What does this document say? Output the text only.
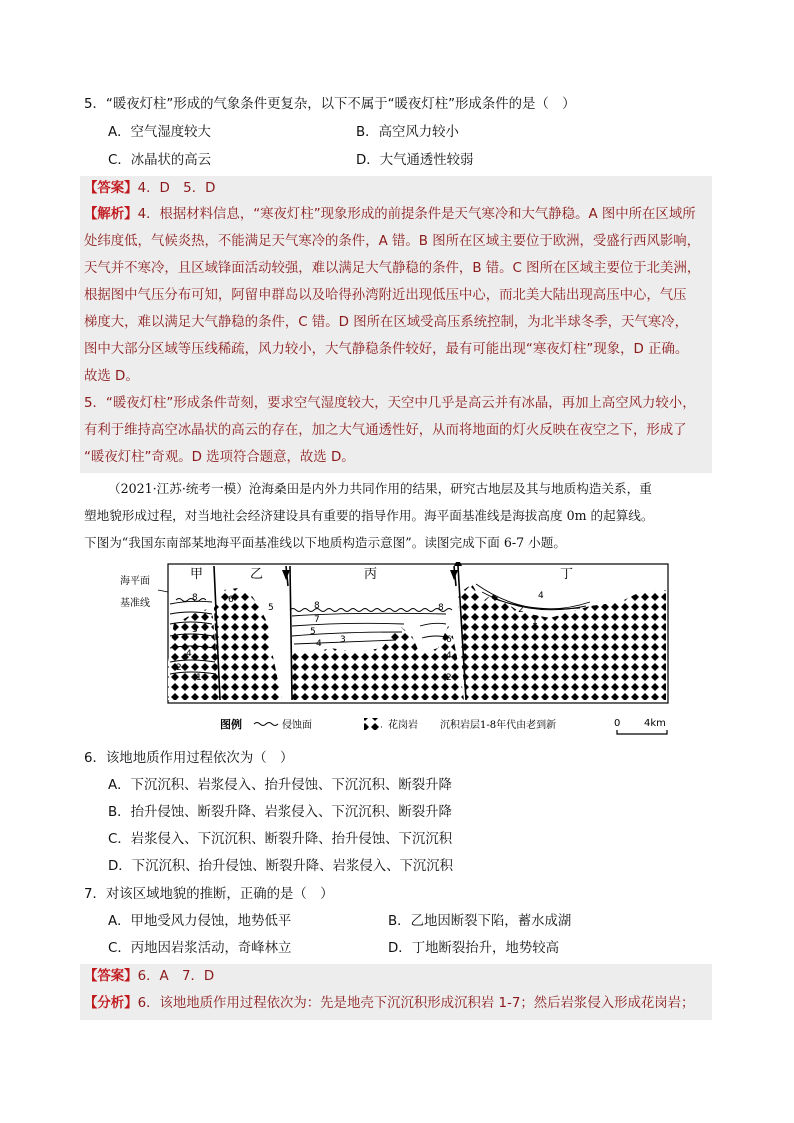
5．“暖夜灯柱”形成的气象条件更复杂，以下不属于“暖夜灯柱”形成条件的是（　）
A．空气湿度较大	B．高空风力较小
C．冰晶状的高云	D．大气通透性较弱
【答案】4．D　5．D
【解析】4．根据材料信息，“寒夜灯柱”现象形成的前提条件是天气寒冷和大气静稳。A 图中所在区域所
处纬度低，气候炎热，不能满足天气寒冷的条件，A 错。B 图所在区域主要位于欧洲，受盛行西风影响，
天气并不寒冷，且区域锋面活动较强，难以满足大气静稳的条件，B 错。C 图所在区域主要位于北美洲，
根据图中气压分布可知，阿留申群岛以及哈得孙湾附近出现低压中心，而北美大陆出现高压中心，气压
梯度大，难以满足大气静稳的条件，C 错。D 图所在区域受高压系统控制，为北半球冬季，天气寒冷，
图中大部分区域等压线稀疏，风力较小，大气静稳条件较好，最有可能出现“寒夜灯柱”现象，D 正确。
故选 D。
5．“暖夜灯柱”形成条件苛刻，要求空气湿度较大，天空中几乎是高云并有冰晶，再加上高空风力较小，
有利于维持高空冰晶状的高云的存在，加之大气通透性好，从而将地面的灯火反映在夜空之下，形成了
“暖夜灯柱”奇观。D 选项符合题意，故选 D。
（2021·江苏·统考一模）沧海桑田是内外力共同作用的结果，研究古地层及其与地质构造关系，重
塑地貌形成过程，对当地社会经济建设具有重要的指导作用。海平面基准线是海拔高度 0m 的起算线。
下图为“我国东南部某地海平面基准线以下地质构造示意图”。读图完成下面 6-7 小题。
8
6
3
4
2
1
6
5	8
7
5
4 3
8
6
4
2
4
2
1
海平面
基准线
甲	乙	丙	丁
图例	侵蚀面	花岗岩 沉积岩层1-8年代由老到新	0 4km
6．该地地质作用过程依次为（　）
A．下沉沉积、岩浆侵入、抬升侵蚀、下沉沉积、断裂升降
B．抬升侵蚀、断裂升降、岩浆侵入、下沉沉积、断裂升降
C．岩浆侵入、下沉沉积、断裂升降、抬升侵蚀、下沉沉积
D．下沉沉积、抬升侵蚀、断裂升降、岩浆侵入、下沉沉积
7．对该区域地貌的推断，正确的是（　）
A．甲地受风力侵蚀，地势低平	B．乙地因断裂下陷，蓄水成湖
C．丙地因岩浆活动，奇峰林立	D．丁地断裂抬升，地势较高
【答案】6．A　7．D
【分析】6．该地地质作用过程依次为：先是地壳下沉沉积形成沉积岩 1-7；然后岩浆侵入形成花岗岩；
